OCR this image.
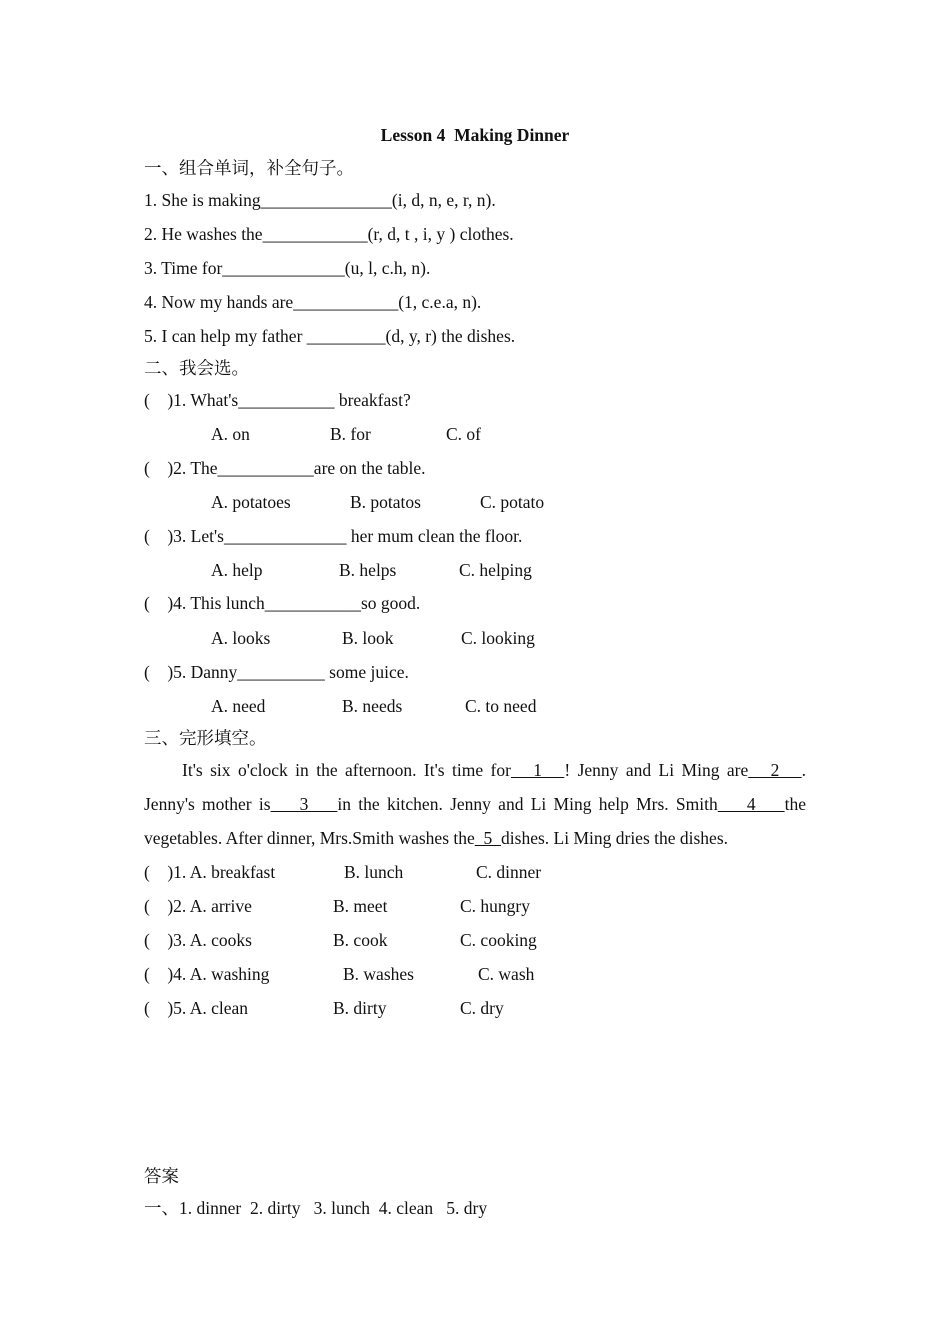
Lesson 4  Making Dinner
一、组合单词，补全句子。
1. She is making_______________(i, d, n, e, r, n).
2. He washes the____________(r, d, t , i, y ) clothes.
3. Time for______________(u, l, c.h, n).
4. Now my hands are____________(1, c.e.a, n).
5. I can help my father _________(d, y, r) the dishes.
二、我会选。
(    )1. What's___________ breakfast?
A. on	B. for	C. of
(    )2. The___________are on the table.
A. potatoes	B. potatos	C. potato
(    )3. Let's______________ her mum clean the floor.
A. help	B. helps	C. helping
(    )4. This lunch___________so good.
A. looks	B. look	C. looking
(    )5. Danny__________ some juice.
A. need	B. needs	C. to need
三、完形填空。
It's six o'clock in the afternoon. It's time for   1   ! Jenny and Li Ming are   2   .
Jenny's mother is    3    in the kitchen. Jenny and Li Ming help Mrs. Smith    4    the
vegetables. After dinner, Mrs.Smith washes the  5  dishes. Li Ming dries the dishes.
(    )1. A. breakfast	B. lunch	C. dinner
(    )2. A. arrive	B. meet	C. hungry
(    )3. A. cooks	B. cook	C. cooking
(    )4. A. washing	B. washes	C. wash
(    )5. A. clean	B. dirty	C. dry
答案
一、1. dinner  2. dirty   3. lunch  4. clean   5. dry
